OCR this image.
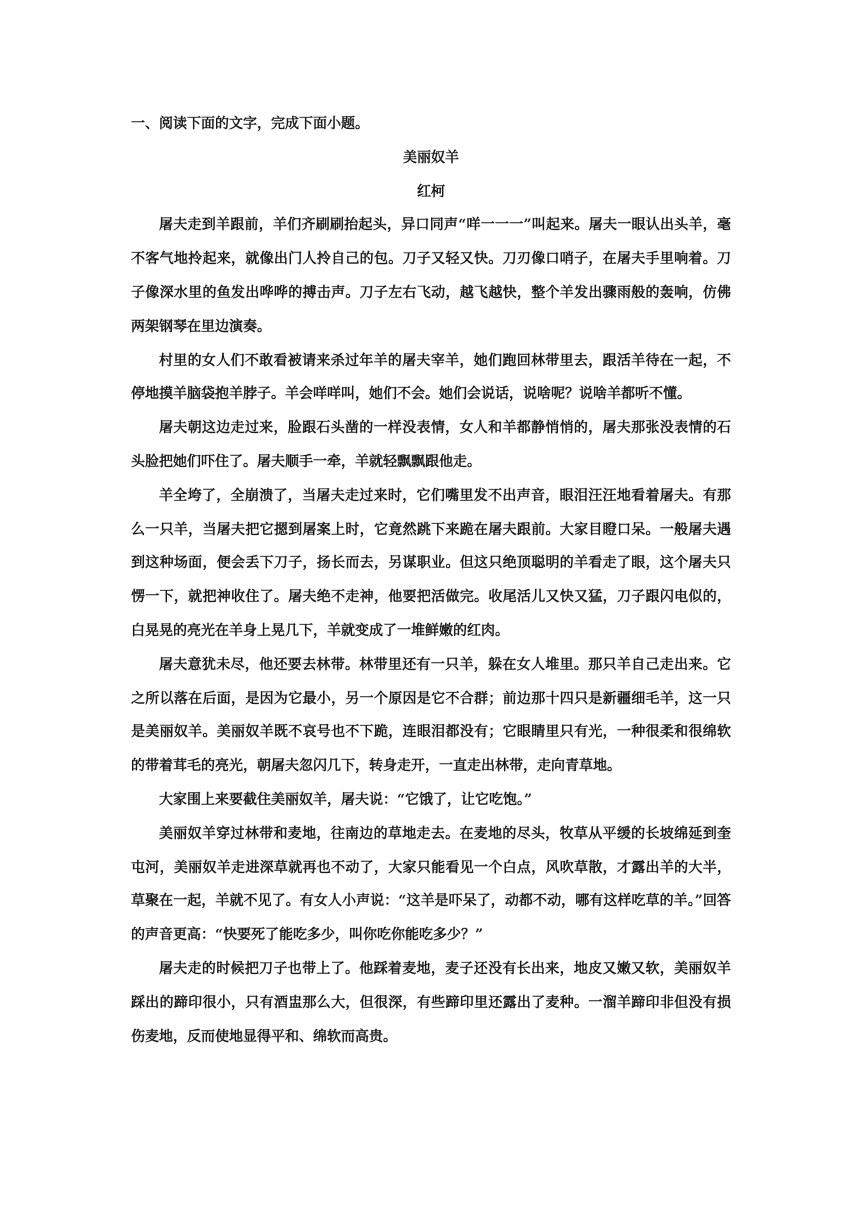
一、阅读下面的文字，完成下面小题。

美丽奴羊

红柯

屠夫走到羊跟前，羊们齐刷刷抬起头，异口同声“咩一一一”叫起来。屠夫一眼认出头羊，毫不客气地拎起来，就像出门人拎自己的包。刀子又轻又快。刀刃像口哨子，在屠夫手里响着。刀子像深水里的鱼发出哗哗的搏击声。刀子左右飞动，越飞越快，整个羊发出骤雨般的轰响，仿佛两架钢琴在里边演奏。

村里的女人们不敢看被请来杀过年羊的屠夫宰羊，她们跑回林带里去，跟活羊待在一起，不停地摸羊脑袋抱羊脖子。羊会咩咩叫，她们不会。她们会说话，说啥呢？说啥羊都听不懂。

屠夫朝这边走过来，脸跟石头凿的一样没表情，女人和羊都静悄悄的，屠夫那张没表情的石头脸把她们吓住了。屠夫顺手一牵，羊就轻飘飘跟他走。

羊全垮了，全崩溃了，当屠夫走过来时，它们嘴里发不出声音，眼泪汪汪地看着屠夫。有那么一只羊，当屠夫把它摁到屠案上时，它竟然跳下来跪在屠夫跟前。大家目瞪口呆。一般屠夫遇到这种场面，便会丢下刀子，扬长而去，另谋职业。但这只绝顶聪明的羊看走了眼，这个屠夫只愣一下，就把神收住了。屠夫绝不走神，他要把活做完。收尾活儿又快又猛，刀子跟闪电似的，白晃晃的亮光在羊身上晃几下，羊就变成了一堆鲜嫩的红肉。

屠夫意犹未尽，他还要去林带。林带里还有一只羊，躲在女人堆里。那只羊自己走出来。它之所以落在后面，是因为它最小，另一个原因是它不合群；前边那十四只是新疆细毛羊，这一只是美丽奴羊。美丽奴羊既不哀号也不下跪，连眼泪都没有；它眼睛里只有光，一种很柔和很绵软的带着茸毛的亮光，朝屠夫忽闪几下，转身走开，一直走出林带，走向青草地。

大家围上来要截住美丽奴羊，屠夫说：“它饿了，让它吃饱。”

美丽奴羊穿过林带和麦地，往南边的草地走去。在麦地的尽头，牧草从平缓的长坡绵延到奎屯河，美丽奴羊走进深草就再也不动了，大家只能看见一个白点，风吹草散，才露出羊的大半，草聚在一起，羊就不见了。有女人小声说：“这羊是吓呆了，动都不动，哪有这样吃草的羊。”回答的声音更高：“快要死了能吃多少，叫你吃你能吃多少？”

屠夫走的时候把刀子也带上了。他踩着麦地，麦子还没有长出来，地皮又嫩又软，美丽奴羊踩出的蹄印很小，只有酒盅那么大，但很深，有些蹄印里还露出了麦种。一溜羊蹄印非但没有损伤麦地，反而使地显得平和、绵软而高贵。
